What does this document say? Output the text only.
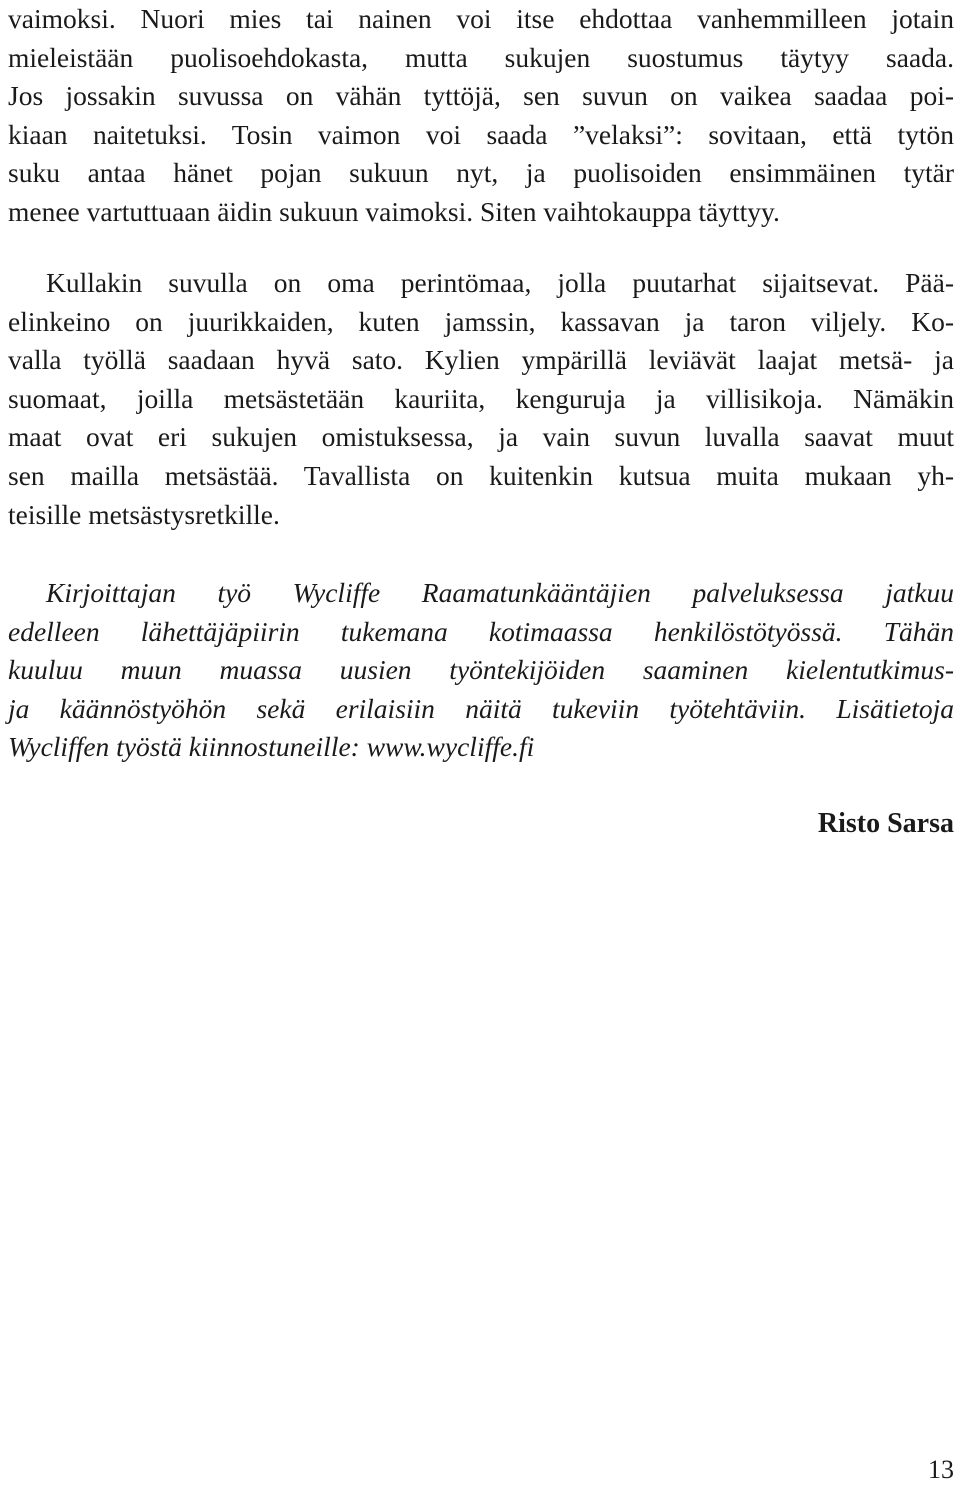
vaimoksi. Nuori mies tai nainen voi itse ehdottaa vanhemmilleen jotain
mieleistään puolisoehdokasta, mutta sukujen suostumus täytyy saada.
Jos jossakin suvussa on vähän tyttöjä, sen suvun on vaikea saadaa poi-
kiaan naitetuksi. Tosin vaimon voi saada ”velaksi”: sovitaan, että tytön
suku antaa hänet pojan sukuun nyt, ja puolisoiden ensimmäinen tytär
menee vartuttuaan äidin sukuun vaimoksi. Siten vaihtokauppa täyttyy.
Kullakin suvulla on oma perintömaa, jolla puutarhat sijaitsevat. Pää-
elinkeino on juurikkaiden, kuten jamssin, kassavan ja taron viljely. Ko-
valla työllä saadaan hyvä sato. Kylien ympärillä leviävät laajat metsä- ja
suomaat, joilla metsästetään kauriita, kenguruja ja villisikoja. Nämäkin
maat ovat eri sukujen omistuksessa, ja vain suvun luvalla saavat muut
sen mailla metsästää. Tavallista on kuitenkin kutsua muita mukaan yh-
teisille metsästysretkille.
Kirjoittajan työ Wycliffe Raamatunkääntäjien palveluksessa jatkuu
edelleen lähettäjäpiirin tukemana kotimaassa henkilöstötyössä. Tähän
kuuluu muun muassa uusien työntekijöiden saaminen kielentutkimus-
ja käännöstyöhön sekä erilaisiin näitä tukeviin työtehtäviin. Lisätietoja
Wycliffen työstä kiinnostuneille: www.wycliffe.fi
Risto Sarsa
13
